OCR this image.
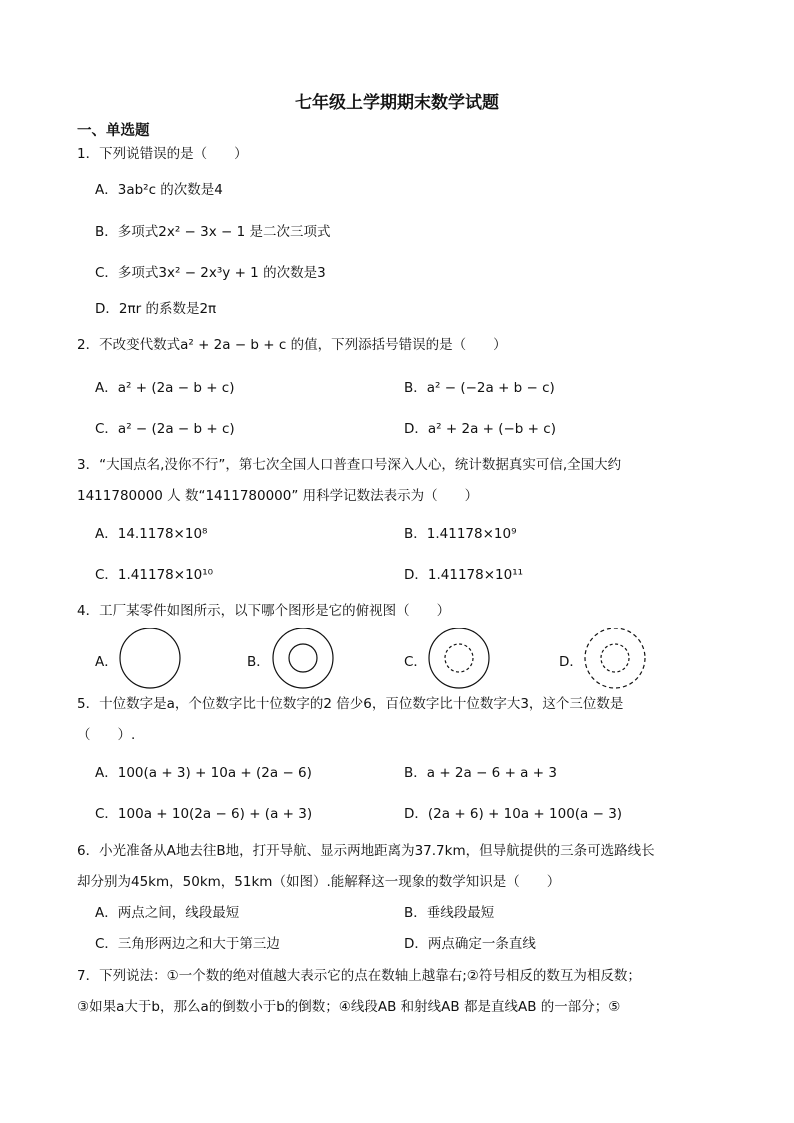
七年级上学期期末数学试题
一、单选题
1．下列说错误的是（　　）
A．3ab²c 的次数是4
B．多项式2x² − 3x − 1 是二次三项式
C．多项式3x² − 2x³y + 1 的次数是3
D．2πr 的系数是2π
2．不改变代数式a² + 2a − b + c 的值，下列添括号错误的是（　　）
A．a² + (2a − b + c)	B．a² − (−2a + b − c)
C．a² − (2a − b + c)	D．a² + 2a + (−b + c)
3．“大国点名,没你不行”，第七次全国人口普查口号深入人心，统计数据真实可信,全国大约
1411780000 人 数“1411780000” 用科学记数法表示为（　　）
A．14.1178×10⁸	B．1.41178×10⁹
C．1.41178×10¹⁰	D．1.41178×10¹¹
4．工厂某零件如图所示，以下哪个图形是它的俯视图（　　）
A．	B．	C．	D．
5．十位数字是a，个位数字比十位数字的2 倍少6，百位数字比十位数字大3，这个三位数是
（　　）.
A．100(a + 3) + 10a + (2a − 6)	B．a + 2a − 6 + a + 3
C．100a + 10(2a − 6) + (a + 3)	D．(2a + 6) + 10a + 100(a − 3)
6．小光准备从A地去往B地，打开导航、显示两地距离为37.7km，但导航提供的三条可选路线长
却分别为45km，50km，51km（如图）.能解释这一现象的数学知识是（　　）
A．两点之间，线段最短	B．垂线段最短
C．三角形两边之和大于第三边	D．两点确定一条直线
7．下列说法：①一个数的绝对值越大表示它的点在数轴上越靠右;②符号相反的数互为相反数；
③如果a大于b，那么a的倒数小于b的倒数；④线段AB 和射线AB 都是直线AB 的一部分；⑤
